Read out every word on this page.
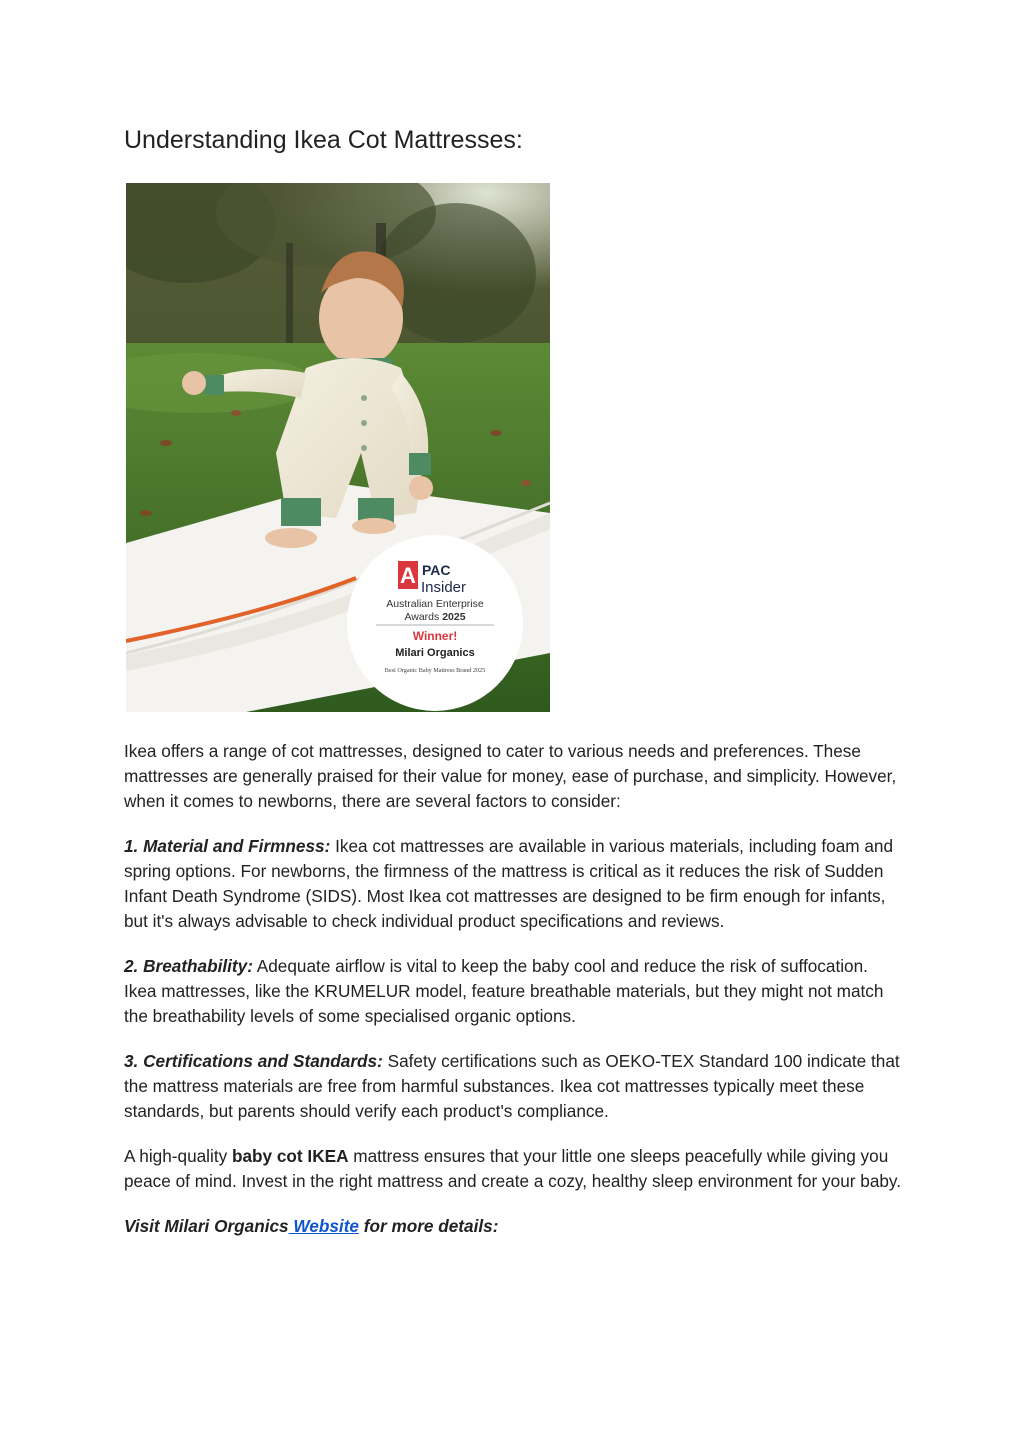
Understanding Ikea Cot Mattresses:
A PAC
Insider
Australian Enterprise
Awards 2025
Winner!
Milari Organics
Best Organic Baby Mattress Brand 2025

Ikea offers a range of cot mattresses, designed to cater to various needs and preferences. These mattresses are generally praised for their value for money, ease of purchase, and simplicity. However, when it comes to newborns, there are several factors to consider:

1. Material and Firmness: Ikea cot mattresses are available in various materials, including foam and spring options. For newborns, the firmness of the mattress is critical as it reduces the risk of Sudden Infant Death Syndrome (SIDS). Most Ikea cot mattresses are designed to be firm enough for infants, but it's always advisable to check individual product specifications and reviews.

2. Breathability: Adequate airflow is vital to keep the baby cool and reduce the risk of suffocation. Ikea mattresses, like the KRUMELUR model, feature breathable materials, but they might not match the breathability levels of some specialised organic options.

3. Certifications and Standards: Safety certifications such as OEKO-TEX Standard 100 indicate that the mattress materials are free from harmful substances. Ikea cot mattresses typically meet these standards, but parents should verify each product's compliance.

A high-quality baby cot IKEA mattress ensures that your little one sleeps peacefully while giving you peace of mind. Invest in the right mattress and create a cozy, healthy sleep environment for your baby.

Visit Milari Organics Website for more details:
